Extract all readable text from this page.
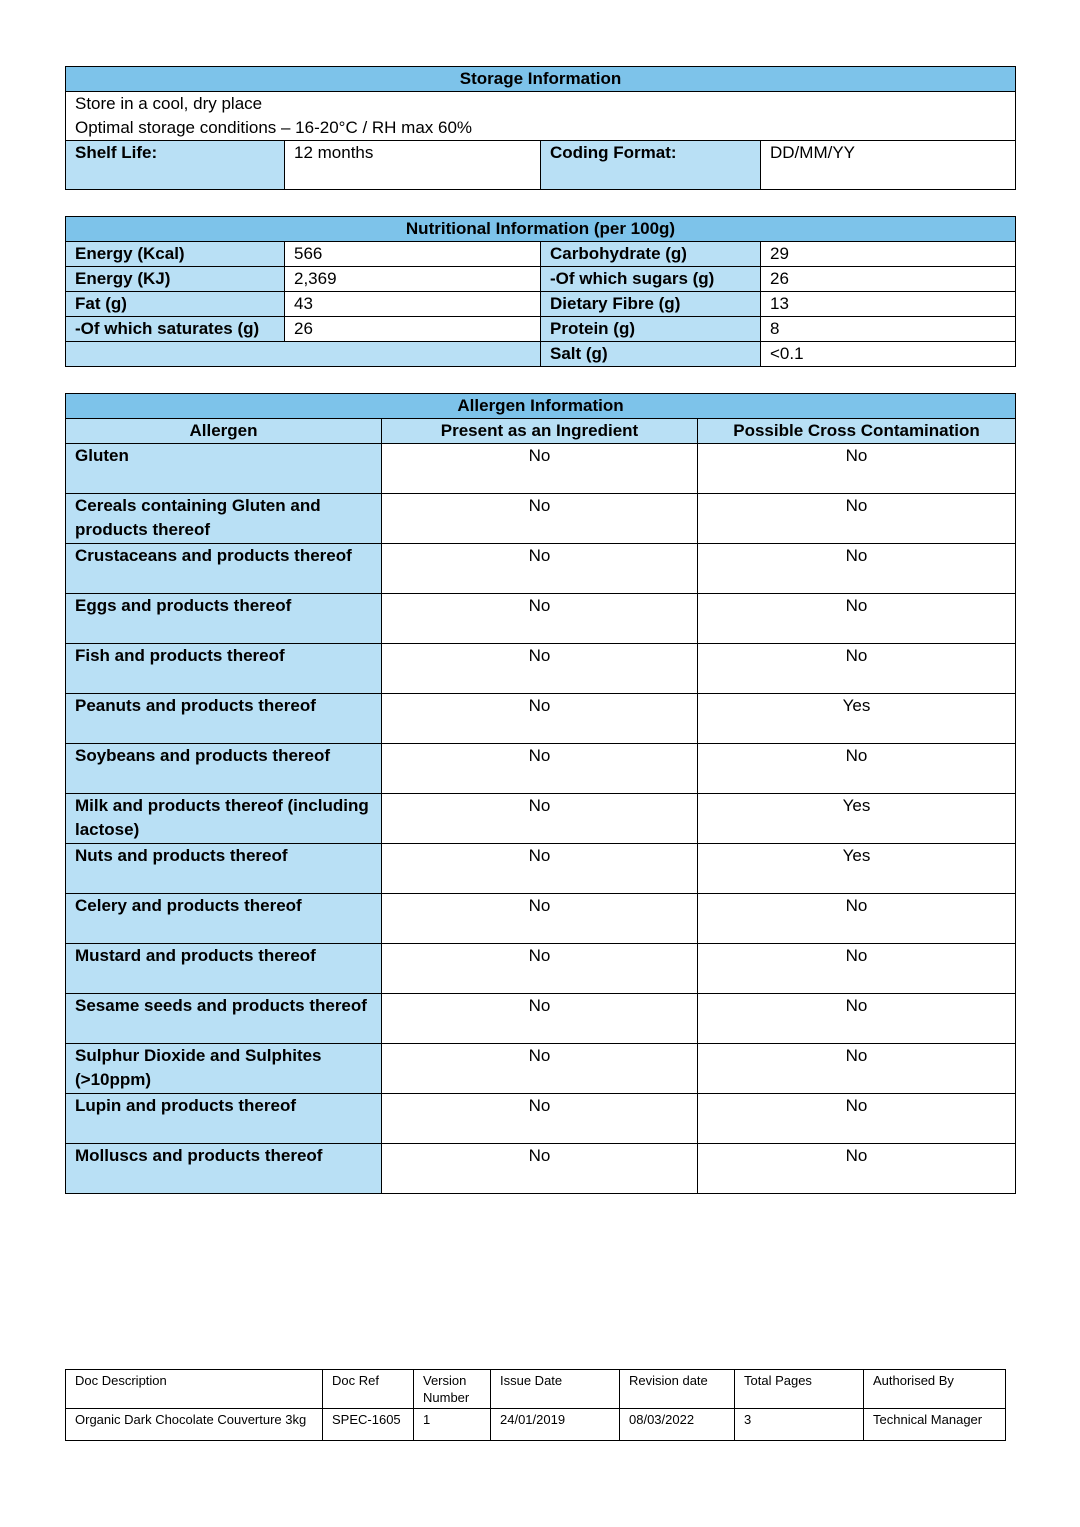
Storage Information

Store in a cool, dry place
Optimal storage conditions – 16-20°C / RH max 60%

Shelf Life:	12 months	Coding Format:	DD/MM/YY
Nutritional Information (per 100g)			
Energy (Kcal)	566	Carbohydrate (g)	29
Energy (KJ)	2,369	-Of which sugars (g)	26
Fat (g)	43	Dietary Fibre (g)	13
-Of which saturates (g)	26	Protein (g)	8
		Salt (g)	<0.1
Allergen Information		
Allergen	Present as an Ingredient	Possible Cross Contamination
Gluten	No	No
Cereals containing Gluten and products thereof	No	No
Crustaceans and products thereof	No	No
Eggs and products thereof	No	No
Fish and products thereof	No	No
Peanuts and products thereof	No	Yes
Soybeans and products thereof	No	No
Milk and products thereof (including lactose)	No	Yes
Nuts and products thereof	No	Yes
Celery and products thereof	No	No
Mustard and products thereof	No	No
Sesame seeds and products thereof	No	No
Sulphur Dioxide and Sulphites (>10ppm)	No	No
Lupin and products thereof	No	No
Molluscs and products thereof	No	No
Doc Description	Doc Ref	Version Number	Issue Date	Revision date	Total Pages	Authorised By
Organic Dark Chocolate Couverture 3kg	SPEC-1605	1	24/01/2019	08/03/2022	3	Technical Manager
